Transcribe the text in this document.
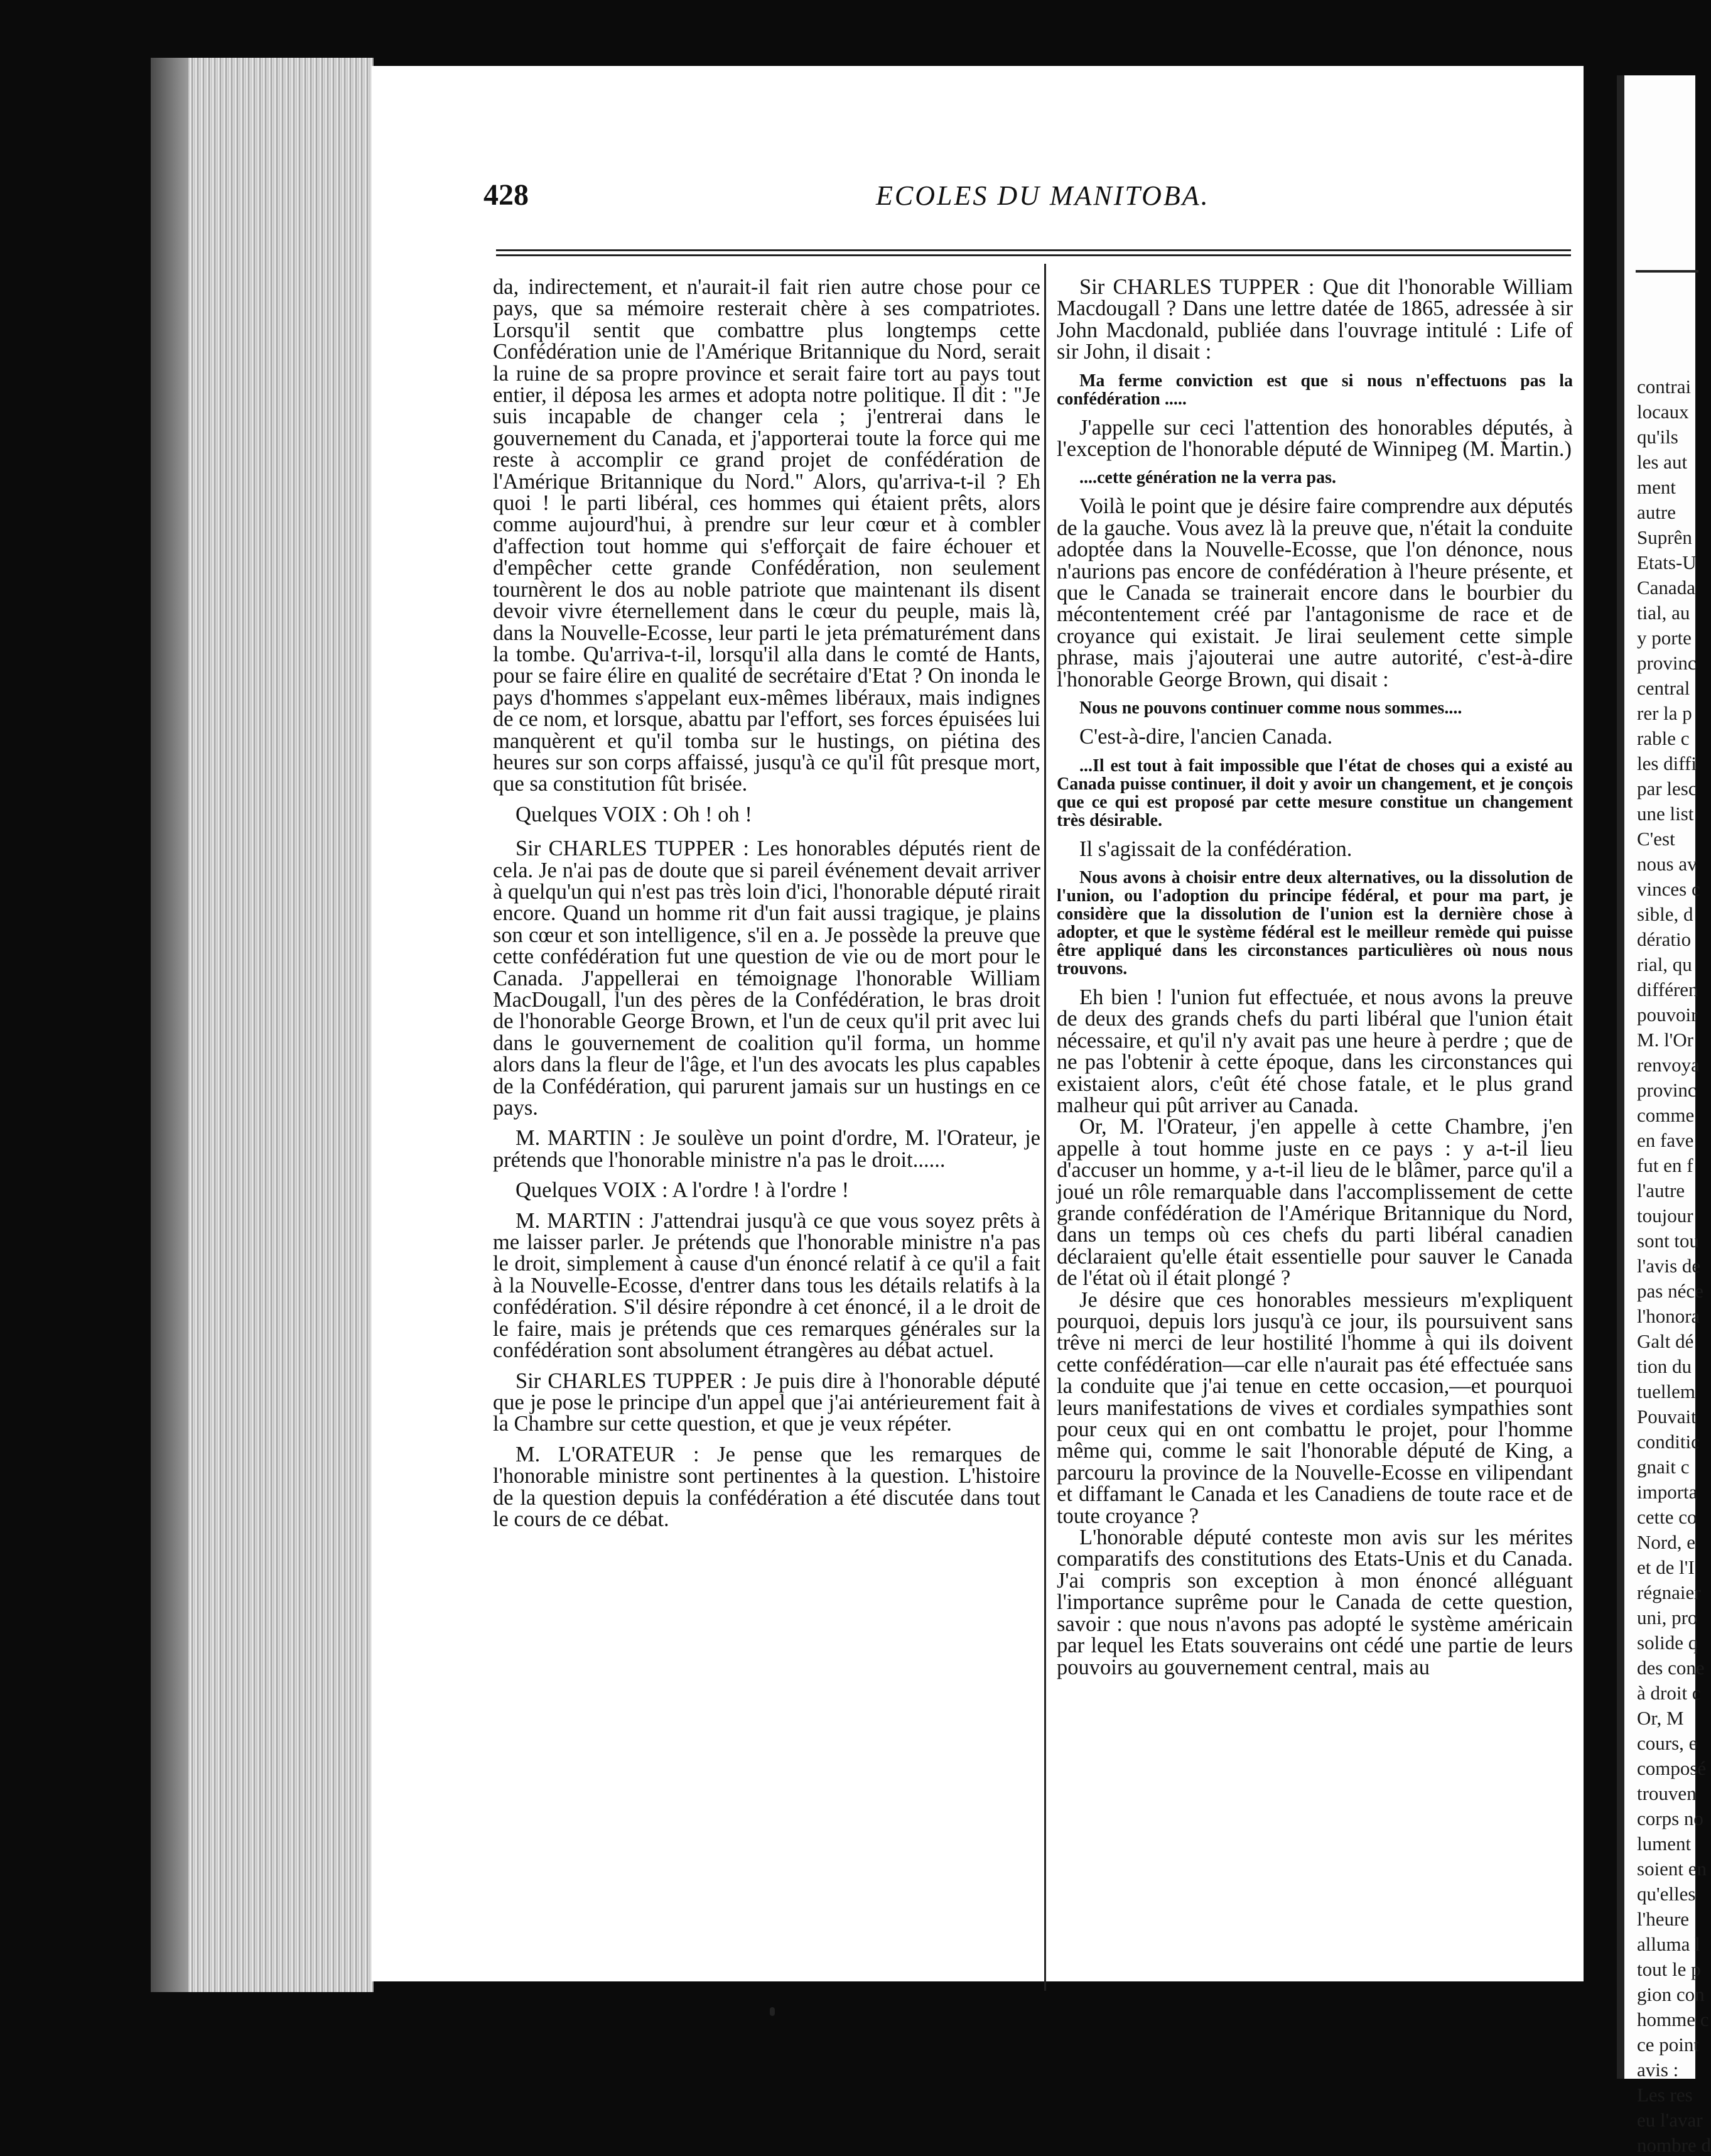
contrai
locaux
qu'ils
les aut
ment
autre
Suprên
Etats-U
Canada
tial, au
y porte
provinc
central
rer la p
rable c
les diffi
par lesc
une list
C'est
nous av
vinces c
sible, d
dératio
rial, qu
différen
pouvoir
M. l'Or
renvoya
provinc
comme
en fave
fut en f
l'autre
toujour
sont tou
l'avis de
pas néce
l'honora
Galt dé
tion du
tuellem
Pouvait
conditic
gnait c
importa
cette co
Nord, e
et de l'I
régnaier
uni, pro
solide q
des cone
à droit c
Or, M
cours, e
composé
trouven
corps no
lument
soient en
qu'elles
l'heure
alluma l
tout le p
gion con
homme c
ce point
avis :
Les res
eu l'avar
nombre d
428	ECOLES DU MANITOBA.

da, indirectement, et n'aurait-il fait rien autre chose pour ce pays, que sa mémoire resterait chère à ses compatriotes. Lorsqu'il sentit que combattre plus longtemps cette Confédération unie de l'Amérique Britannique du Nord, serait la ruine de sa propre province et serait faire tort au pays tout entier, il déposa les armes et adopta notre politique. Il dit : "Je suis incapable de changer cela ; j'entrerai dans le gouvernement du Canada, et j'apporterai toute la force qui me reste à accomplir ce grand projet de confédération de l'Amérique Britannique du Nord." Alors, qu'arriva-t-il ? Eh quoi ! le parti libéral, ces hommes qui étaient prêts, alors comme aujourd'hui, à prendre sur leur cœur et à combler d'affection tout homme qui s'efforçait de faire échouer et d'empêcher cette grande Confédération, non seulement tournèrent le dos au noble patriote que maintenant ils disent devoir vivre éternellement dans le cœur du peuple, mais là, dans la Nouvelle-Ecosse, leur parti le jeta prématurément dans la tombe. Qu'arriva-t-il, lorsqu'il alla dans le comté de Hants, pour se faire élire en qualité de secrétaire d'Etat ? On inonda le pays d'hommes s'appelant eux-mêmes libéraux, mais indignes de ce nom, et lorsque, abattu par l'effort, ses forces épuisées lui manquèrent et qu'il tomba sur le hustings, on piétina des heures sur son corps affaissé, jusqu'à ce qu'il fût presque mort, que sa constitution fût brisée.

Quelques VOIX : Oh ! oh !

Sir CHARLES TUPPER : Les honorables députés rient de cela. Je n'ai pas de doute que si pareil événement devait arriver à quelqu'un qui n'est pas très loin d'ici, l'honorable député rirait encore. Quand un homme rit d'un fait aussi tragique, je plains son cœur et son intelligence, s'il en a. Je possède la preuve que cette confédération fut une question de vie ou de mort pour le Canada. J'appellerai en témoignage l'honorable William MacDougall, l'un des pères de la Confédération, le bras droit de l'honorable George Brown, et l'un de ceux qu'il prit avec lui dans le gouvernement de coalition qu'il forma, un homme alors dans la fleur de l'âge, et l'un des avocats les plus capables de la Confédération, qui parurent jamais sur un hustings en ce pays.

M. MARTIN : Je soulève un point d'ordre, M. l'Orateur, je prétends que l'honorable ministre n'a pas le droit......

Quelques VOIX : A l'ordre ! à l'ordre !

M. MARTIN : J'attendrai jusqu'à ce que vous soyez prêts à me laisser parler. Je prétends que l'honorable ministre n'a pas le droit, simplement à cause d'un énoncé relatif à ce qu'il a fait à la Nouvelle-Ecosse, d'entrer dans tous les détails relatifs à la confédération. S'il désire répondre à cet énoncé, il a le droit de le faire, mais je prétends que ces remarques générales sur la confédération sont absolument étrangères au débat actuel.

Sir CHARLES TUPPER : Je puis dire à l'honorable député que je pose le principe d'un appel que j'ai antérieurement fait à la Chambre sur cette question, et que je veux répéter.

M. L'ORATEUR : Je pense que les remarques de l'honorable ministre sont pertinentes à la question. L'histoire de la question depuis la confédération a été discutée dans tout le cours de ce débat.

Sir CHARLES TUPPER : Que dit l'honorable William Macdougall ? Dans une lettre datée de 1865, adressée à sir John Macdonald, publiée dans l'ouvrage intitulé : Life of sir John, il disait :

Ma ferme conviction est que si nous n'effectuons pas la confédération .....

J'appelle sur ceci l'attention des honorables députés, à l'exception de l'honorable député de Winnipeg (M. Martin.)

....cette génération ne la verra pas.

Voilà le point que je désire faire comprendre aux députés de la gauche. Vous avez là la preuve que, n'était la conduite adoptée dans la Nouvelle-Ecosse, que l'on dénonce, nous n'aurions pas encore de confédération à l'heure présente, et que le Canada se trainerait encore dans le bourbier du mécontentement créé par l'antagonisme de race et de croyance qui existait. Je lirai seulement cette simple phrase, mais j'ajouterai une autre autorité, c'est-à-dire l'honorable George Brown, qui disait :

Nous ne pouvons continuer comme nous sommes....

C'est-à-dire, l'ancien Canada.

...Il est tout à fait impossible que l'état de choses qui a existé au Canada puisse continuer, il doit y avoir un changement, et je conçois que ce qui est proposé par cette mesure constitue un changement très désirable.

Il s'agissait de la confédération.

Nous avons à choisir entre deux alternatives, ou la dissolution de l'union, ou l'adoption du principe fédéral, et pour ma part, je considère que la dissolution de l'union est la dernière chose à adopter, et que le système fédéral est le meilleur remède qui puisse être appliqué dans les circonstances particulières où nous nous trouvons.

Eh bien ! l'union fut effectuée, et nous avons la preuve de deux des grands chefs du parti libéral que l'union était nécessaire, et qu'il n'y avait pas une heure à perdre ; que de ne pas l'obtenir à cette époque, dans les circonstances qui existaient alors, c'eût été chose fatale, et le plus grand malheur qui pût arriver au Canada.

Or, M. l'Orateur, j'en appelle à cette Chambre, j'en appelle à tout homme juste en ce pays : y a-t-il lieu d'accuser un homme, y a-t-il lieu de le blâmer, parce qu'il a joué un rôle remarquable dans l'accomplissement de cette grande confédération de l'Amérique Britannique du Nord, dans un temps où ces chefs du parti libéral canadien déclaraient qu'elle était essentielle pour sauver le Canada de l'état où il était plongé ?

Je désire que ces honorables messieurs m'expliquent pourquoi, depuis lors jusqu'à ce jour, ils poursuivent sans trêve ni merci de leur hostilité l'homme à qui ils doivent cette confédération—car elle n'aurait pas été effectuée sans la conduite que j'ai tenue en cette occasion,—et pourquoi leurs manifestations de vives et cordiales sympathies sont pour ceux qui en ont combattu le projet, pour l'homme même qui, comme le sait l'honorable député de King, a parcouru la province de la Nouvelle-Ecosse en vilipendant et diffamant le Canada et les Canadiens de toute race et de toute croyance ?

L'honorable député conteste mon avis sur les mérites comparatifs des constitutions des Etats-Unis et du Canada. J'ai compris son exception à mon énoncé alléguant l'importance suprême pour le Canada de cette question, savoir : que nous n'avons pas adopté le système américain par lequel les Etats souverains ont cédé une partie de leurs pouvoirs au gouvernement central, mais au
